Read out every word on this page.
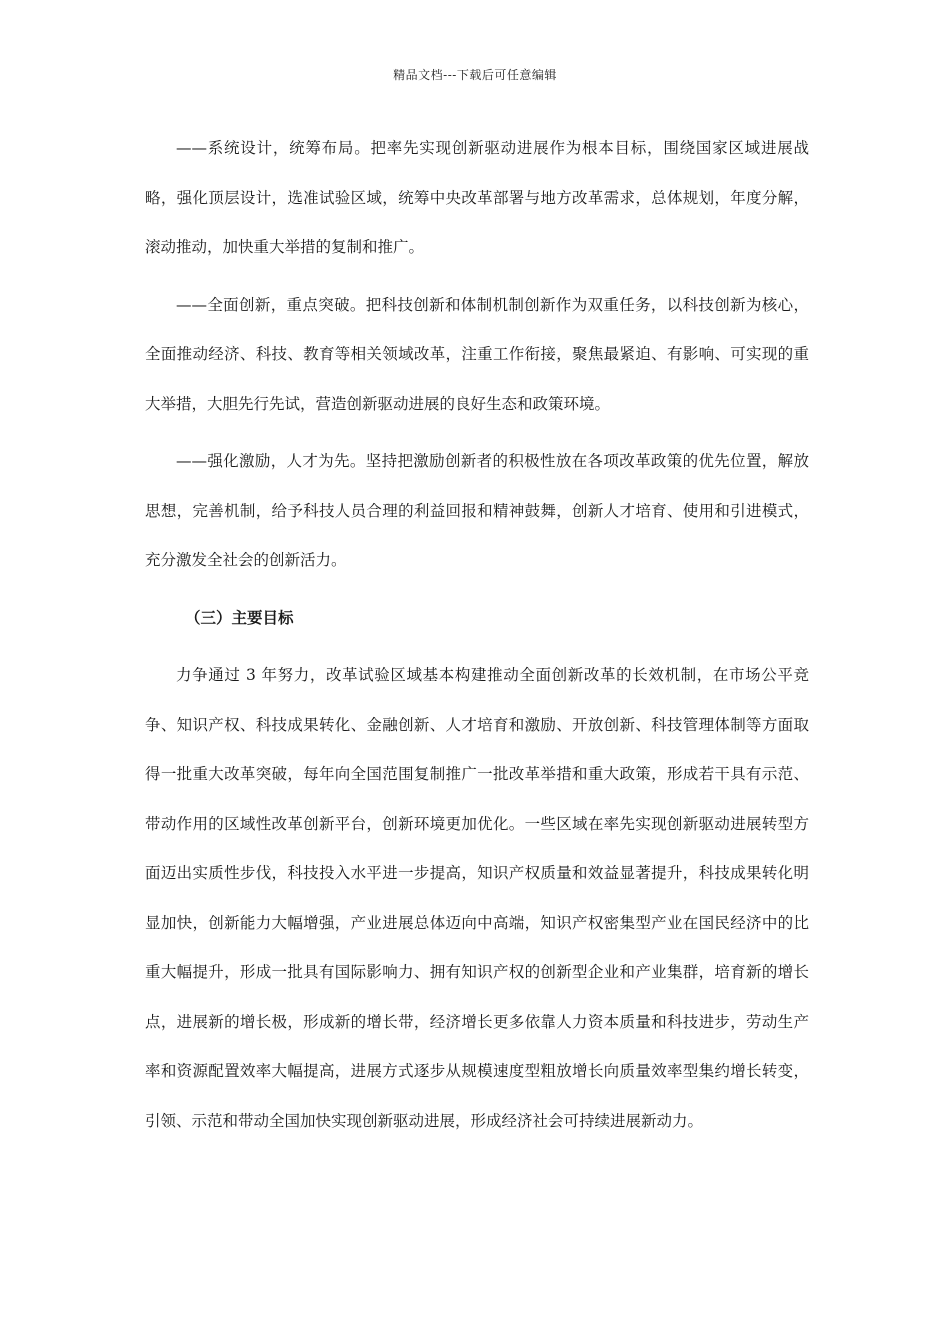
精品文档---下载后可任意编辑

——系统设计，统筹布局。把率先实现创新驱动进展作为根本目标，围绕国家区域进展战略，强化顶层设计，选准试验区域，统筹中央改革部署与地方改革需求，总体规划，年度分解，滚动推动，加快重大举措的复制和推广。

——全面创新，重点突破。把科技创新和体制机制创新作为双重任务，以科技创新为核心，全面推动经济、科技、教育等相关领域改革，注重工作衔接，聚焦最紧迫、有影响、可实现的重大举措，大胆先行先试，营造创新驱动进展的良好生态和政策环境。

——强化激励，人才为先。坚持把激励创新者的积极性放在各项改革政策的优先位置，解放思想，完善机制，给予科技人员合理的利益回报和精神鼓舞，创新人才培育、使用和引进模式，充分激发全社会的创新活力。

（三）主要目标

力争通过 3 年努力，改革试验区域基本构建推动全面创新改革的长效机制，在市场公平竞争、知识产权、科技成果转化、金融创新、人才培育和激励、开放创新、科技管理体制等方面取得一批重大改革突破，每年向全国范围复制推广一批改革举措和重大政策，形成若干具有示范、带动作用的区域性改革创新平台，创新环境更加优化。一些区域在率先实现创新驱动进展转型方面迈出实质性步伐，科技投入水平进一步提高，知识产权质量和效益显著提升，科技成果转化明显加快，创新能力大幅增强，产业进展总体迈向中高端，知识产权密集型产业在国民经济中的比重大幅提升，形成一批具有国际影响力、拥有知识产权的创新型企业和产业集群，培育新的增长点，进展新的增长极，形成新的增长带，经济增长更多依靠人力资本质量和科技进步，劳动生产率和资源配置效率大幅提高，进展方式逐步从规模速度型粗放增长向质量效率型集约增长转变，引领、示范和带动全国加快实现创新驱动进展，形成经济社会可持续进展新动力。
